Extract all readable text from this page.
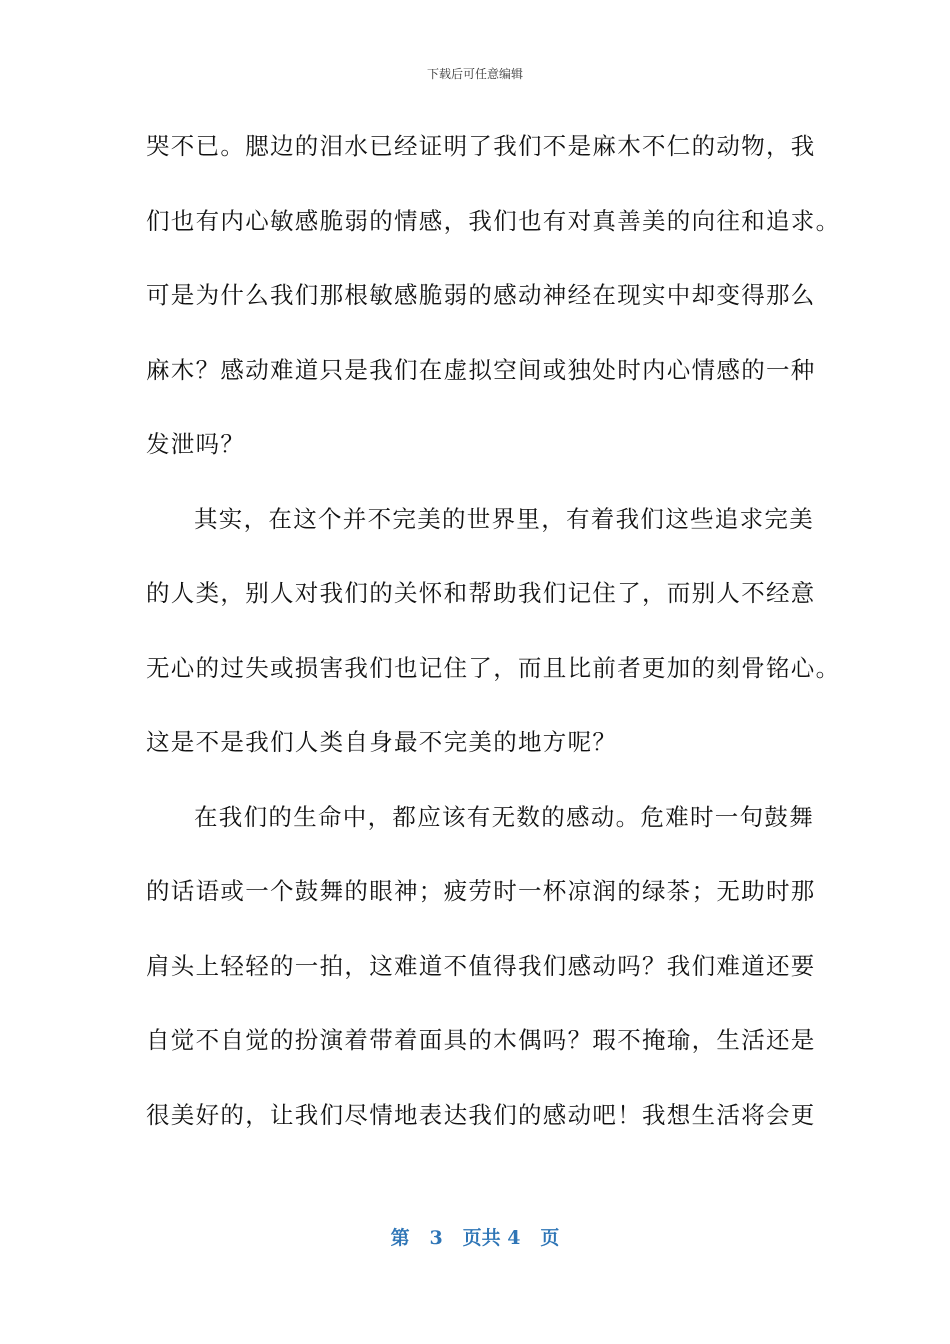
下载后可任意编辑
哭不已。腮边的泪水已经证明了我们不是麻木不仁的动物，我
们也有内心敏感脆弱的情感，我们也有对真善美的向往和追求。
可是为什么我们那根敏感脆弱的感动神经在现实中却变得那么
麻木？感动难道只是我们在虚拟空间或独处时内心情感的一种
发泄吗？
其实，在这个并不完美的世界里，有着我们这些追求完美
的人类，别人对我们的关怀和帮助我们记住了，而别人不经意
无心的过失或损害我们也记住了，而且比前者更加的刻骨铭心。
这是不是我们人类自身最不完美的地方呢？
在我们的生命中，都应该有无数的感动。危难时一句鼓舞
的话语或一个鼓舞的眼神；疲劳时一杯凉润的绿茶；无助时那
肩头上轻轻的一拍，这难道不值得我们感动吗？我们难道还要
自觉不自觉的扮演着带着面具的木偶吗？瑕不掩瑜，生活还是
很美好的，让我们尽情地表达我们的感动吧！我想生活将会更
第 3 页共 4 页
